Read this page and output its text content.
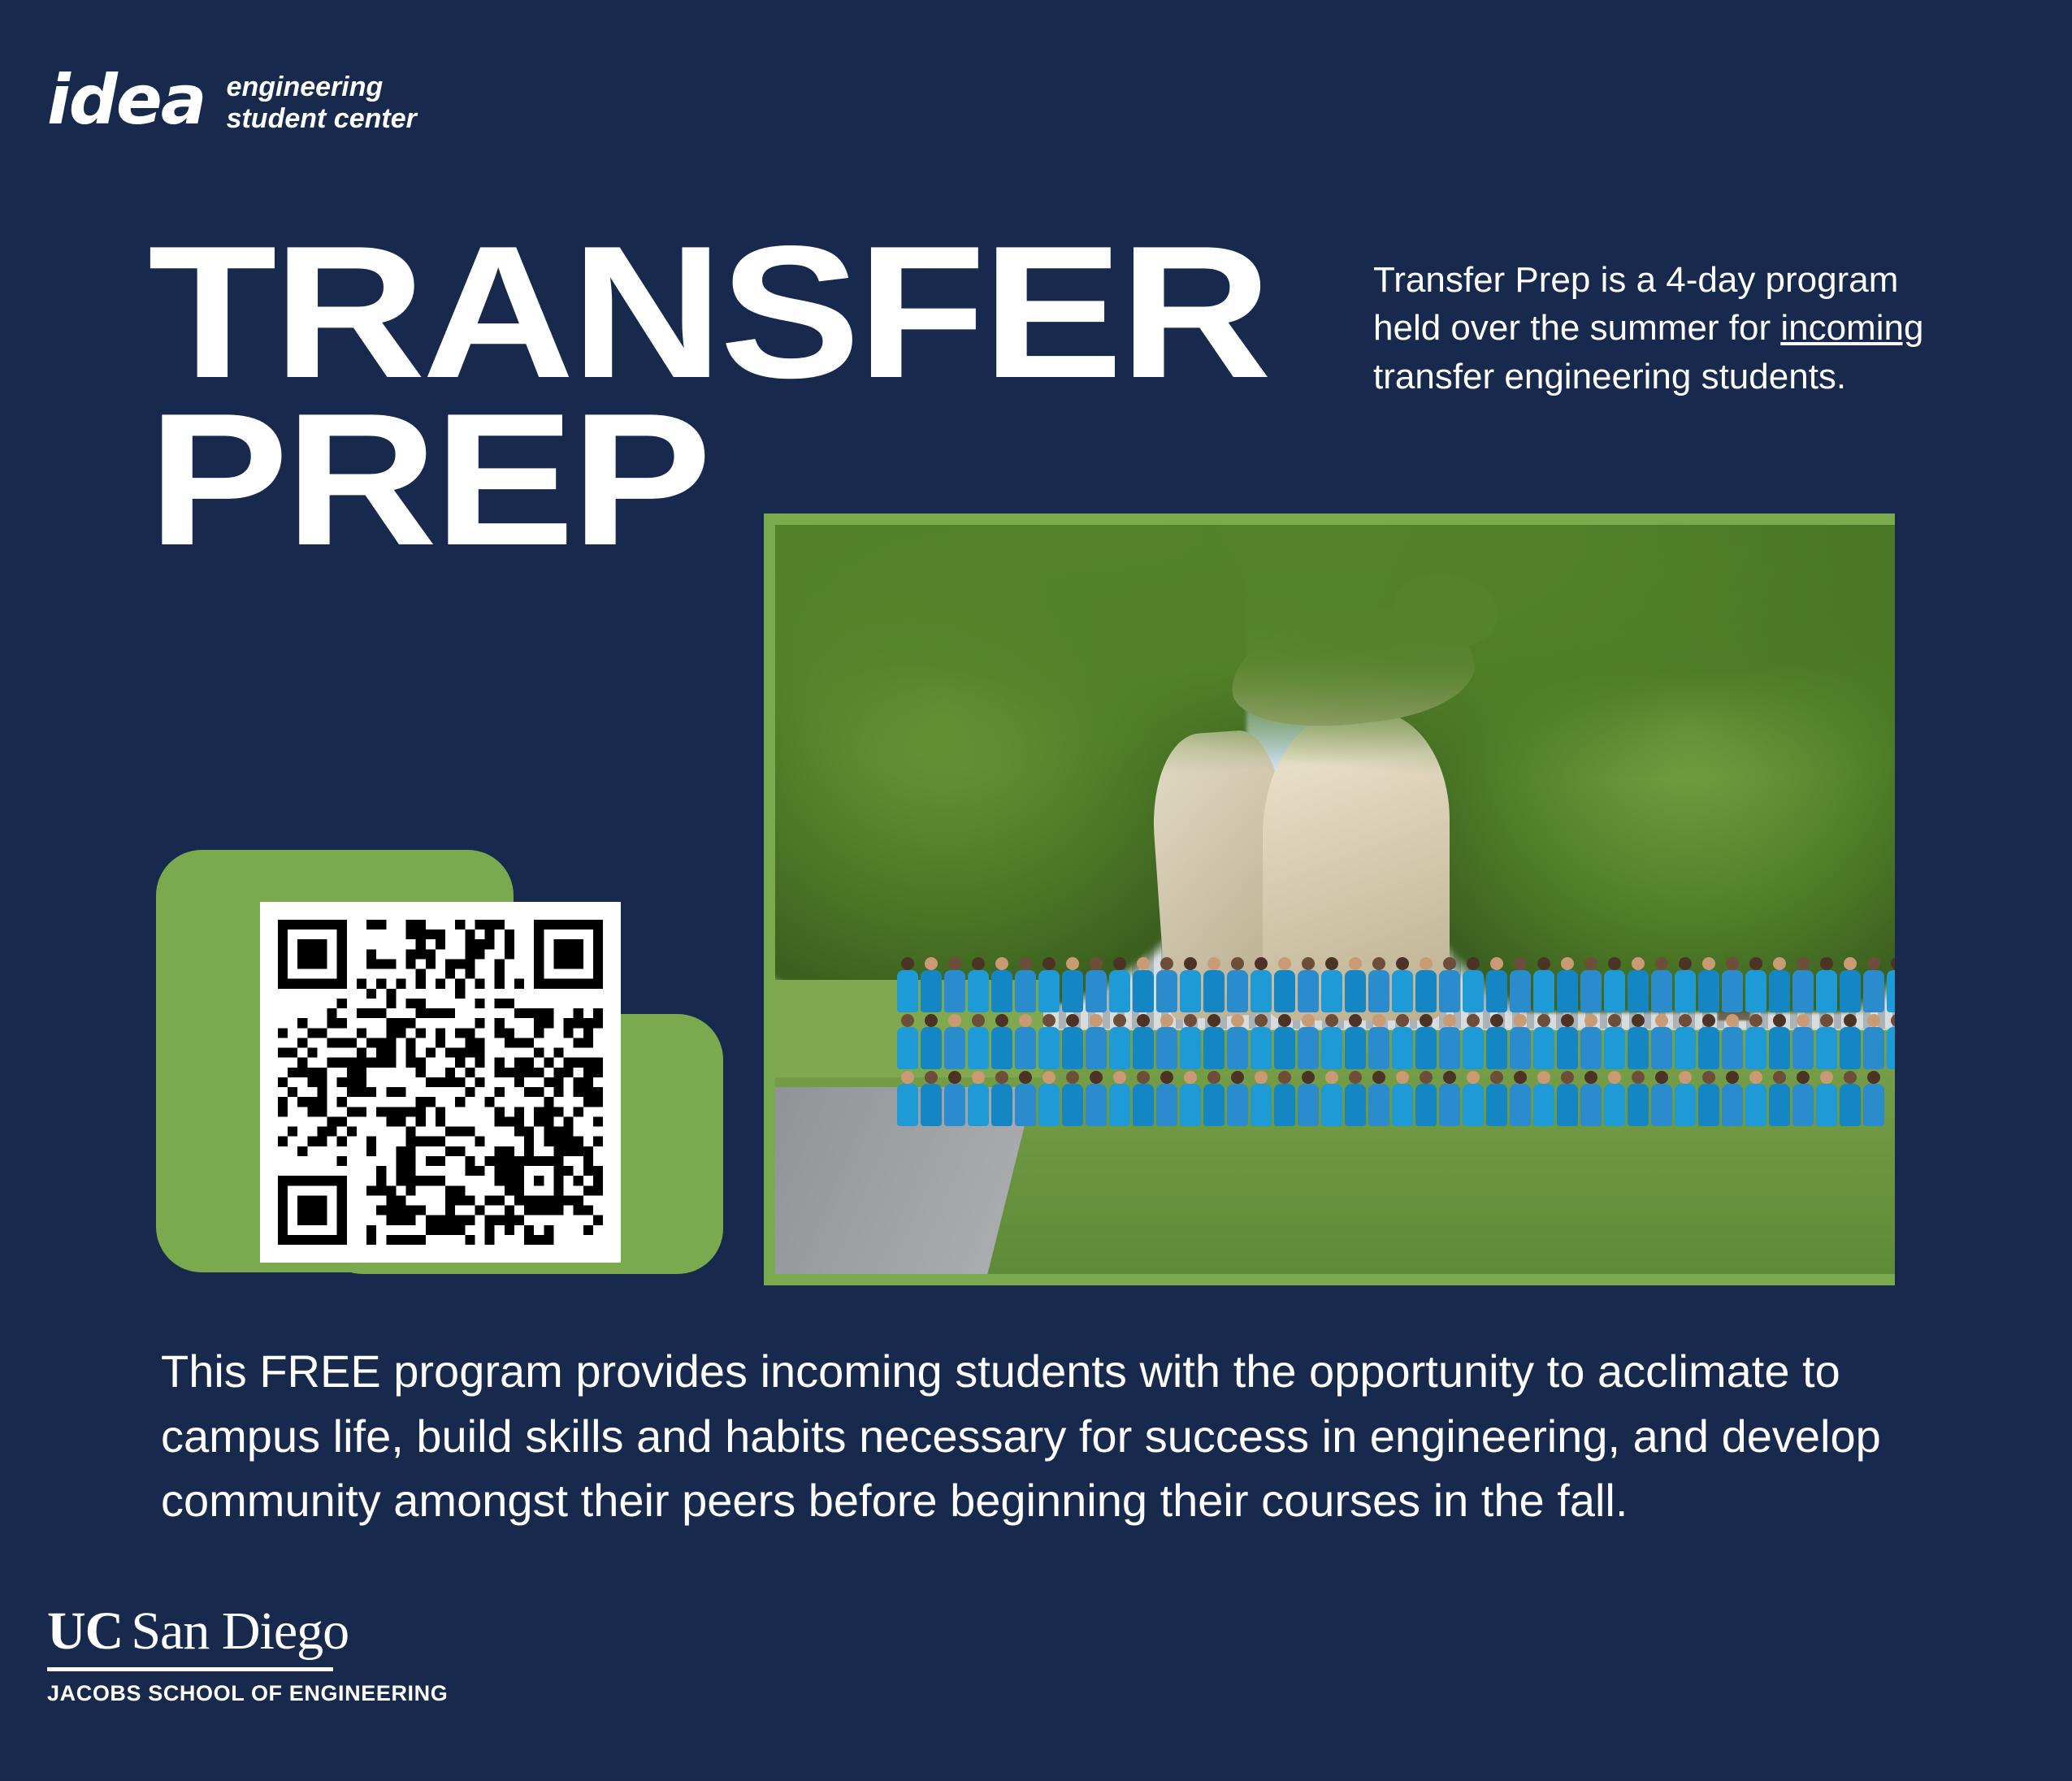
idea engineering
student center
TRANSFER
PREP
Transfer Prep is a 4-day program held over the summer for incoming transfer engineering students.
This FREE program provides incoming students with the opportunity to acclimate to campus life, build skills and habits necessary for success in engineering, and develop community amongst their peers before beginning their courses in the fall.
UC San Diego
JACOBS SCHOOL OF ENGINEERING
